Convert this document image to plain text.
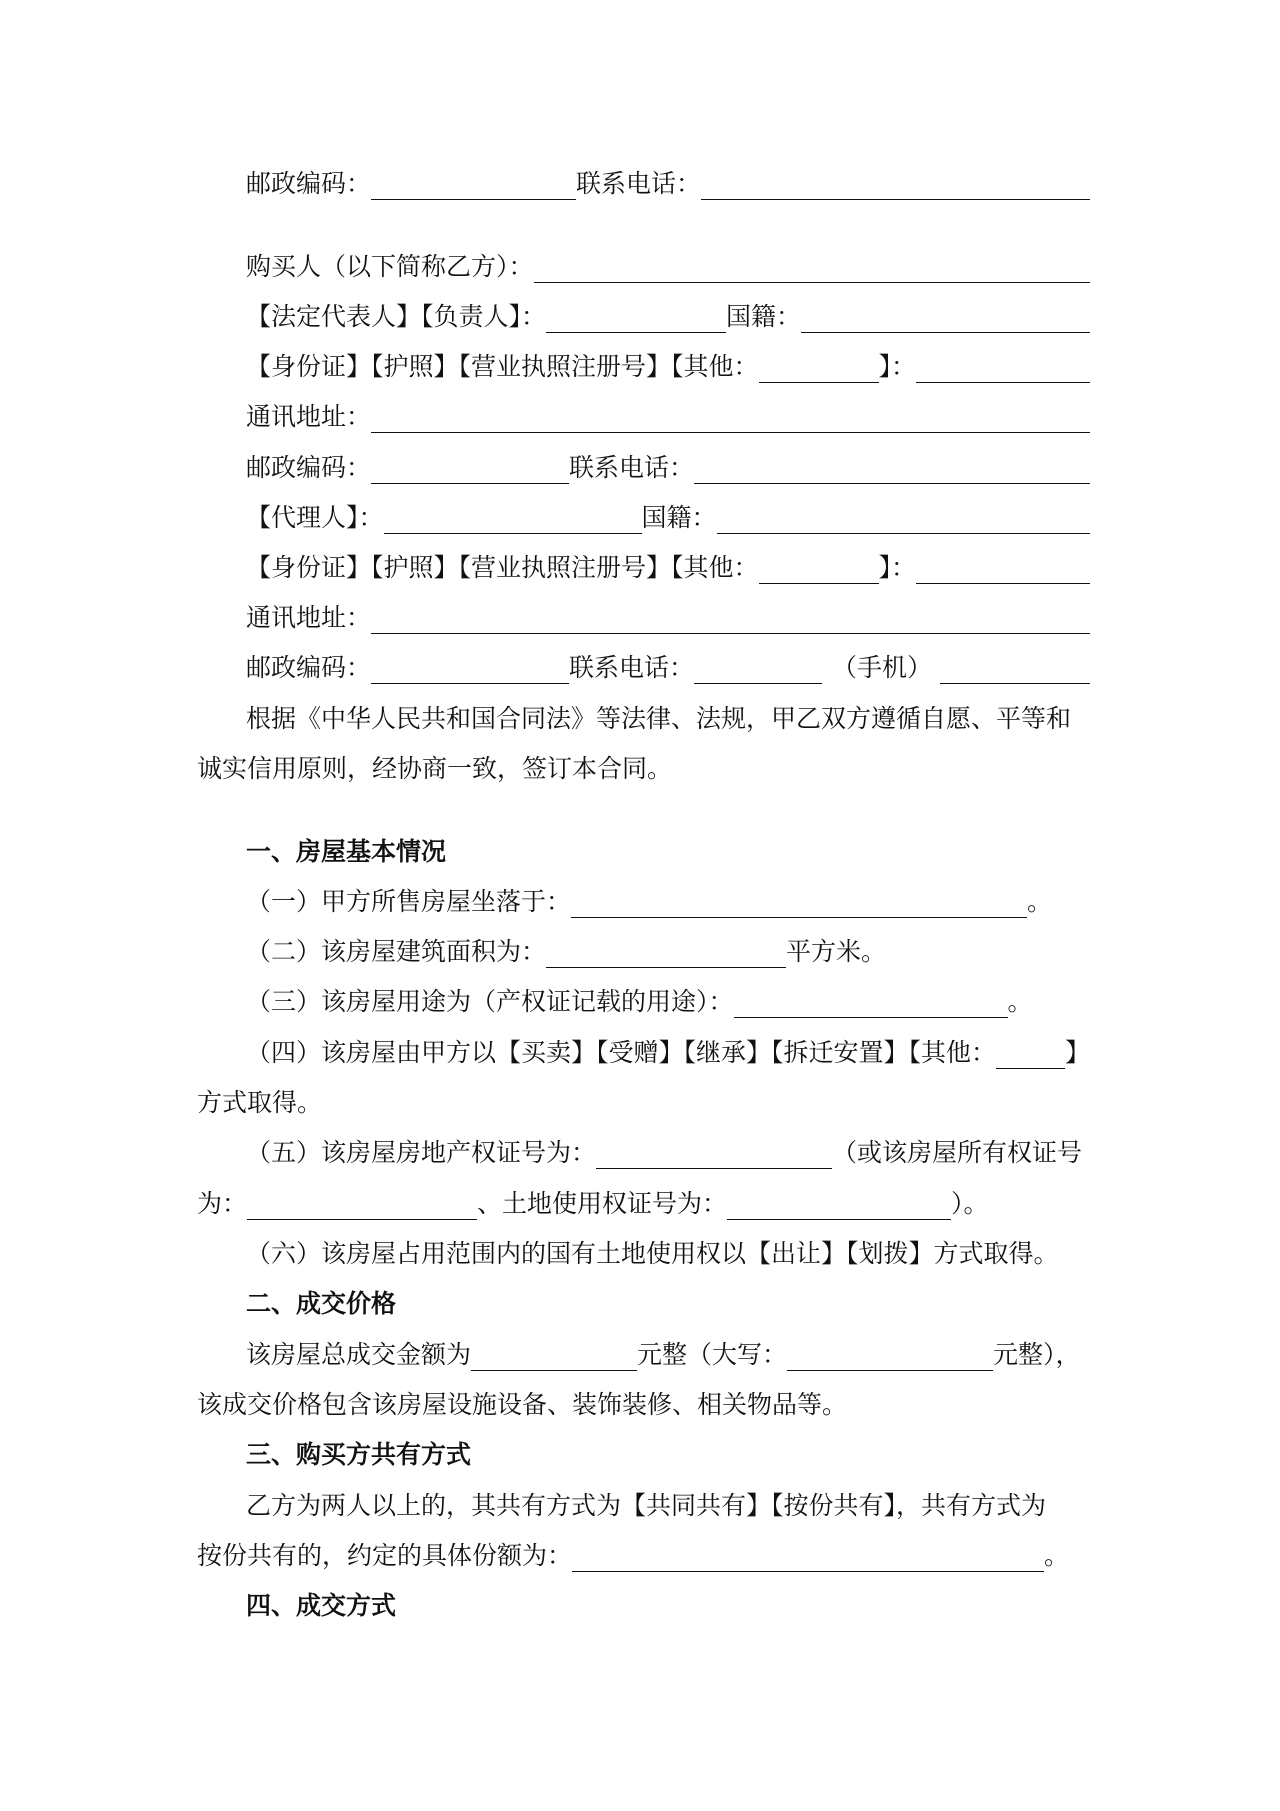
邮政编码：	联系电话：
购买人（以下简称乙方）：
【法定代表人】【负责人】：	国籍：
【身份证】【护照】【营业执照注册号】【其他：	】：
通讯地址：
邮政编码：	联系电话：
【代理人】：	国籍：
【身份证】【护照】【营业执照注册号】【其他：	】：
通讯地址：
邮政编码：	联系电话：	（手机）
根据《中华人民共和国合同法》等法律、法规，甲乙双方遵循自愿、平等和
诚实信用原则，经协商一致，签订本合同。
一、房屋基本情况
（一）甲方所售房屋坐落于：	。
（二）该房屋建筑面积为：	平方米。
（三）该房屋用途为（产权证记载的用途）：	。
（四）该房屋由甲方以【买卖】【受赠】【继承】【拆迁安置】【其他：	】
方式取得。
（五）该房屋房地产权证号为：	（或该房屋所有权证号
为：	、土地使用权证号为：	）。
（六）该房屋占用范围内的国有土地使用权以【出让】【划拨】方式取得。
二、成交价格
该房屋总成交金额为	元整（大写：	元整），
该成交价格包含该房屋设施设备、装饰装修、相关物品等。
三、购买方共有方式
乙方为两人以上的，其共有方式为【共同共有】【按份共有】，共有方式为
按份共有的，约定的具体份额为：	。
四、成交方式
